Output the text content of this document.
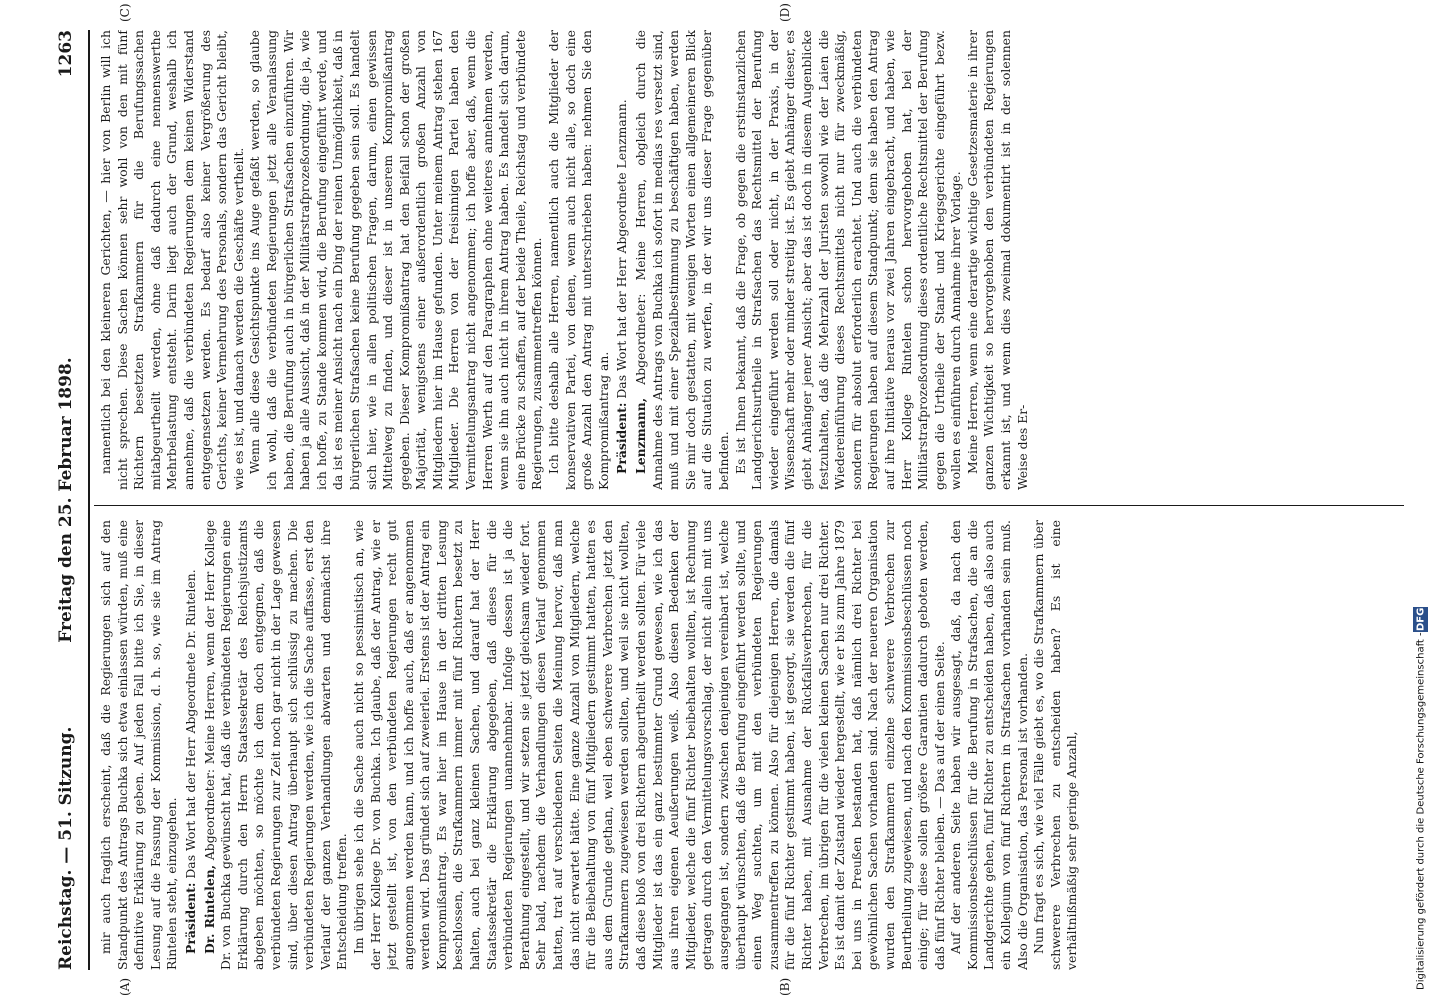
Reichstag. — 51. Sitzung.
Freitag den 25. Februar 1898.
1263

mir auch fraglich erscheint, daß die Regierungen sich auf den Standpunkt des Antrags Buchka sich etwa einlassen würden, muß eine definitive Erklärung zu geben. Auf jeden Fall bitte ich Sie, in dieser Lesung auf die Fassung der Kommission, d. h. so, wie sie im Antrag Rintelen steht, einzugehen. Präsident: Das Wort hat der Herr Abgeordnete Dr. Rintelen.

Dr. Rintelen, Abgeordneter: Meine Herren, wenn der Herr Kollege Dr. von Buchka gewünscht hat, daß die verbündeten Regierungen eine Erklärung durch den Herrn Staatssekretär des Reichsjustizamts abgeben möchten, so möchte ich dem doch entgegnen, daß die verbündeten Regierungen zur Zeit noch gar nicht in der Lage gewesen sind, über diesen Antrag überhaupt sich schlüssig zu machen. Die verbündeten Regierungen werden, wie ich die Sache auffasse, erst den Verlauf der ganzen Verhandlungen abwarten und demnächst ihre Entscheidung treffen. Im übrigen sehe ich die Sache auch nicht so pessimistisch an, wie der Herr Kollege Dr. von Buchka. Ich glaube, daß der Antrag, wie er jetzt gestellt ist, von den verbündeten Regierungen recht gut angenommen werden kann, und ich hoffe auch, daß er angenommen werden wird. Das gründet sich auf zweierlei. Erstens ist der Antrag ein Kompromißantrag. Es war hier im Hause in der dritten Lesung beschlossen, die Strafkammern immer mit fünf Richtern besetzt zu halten, auch bei ganz kleinen Sachen, und darauf hat der Herr Staatssekretär die Erklärung abgegeben, daß dieses für die verbündeten Regierungen unannehmbar. Infolge dessen ist ja die Berathung eingestellt, und wir setzen sie jetzt gleichsam wieder fort. Sehr bald, nachdem die Verhandlungen diesen Verlauf genommen hatten, trat auf verschiedenen Seiten die Meinung hervor, daß man das nicht erwartet hätte. Eine ganze Anzahl von Mitgliedern, welche für die Beibehaltung von fünf Mitgliedern gestimmt hatten, hatten es aus dem Grunde gethan, weil eben schwerere Verbrechen jetzt den Strafkammern zugewiesen werden sollten, und weil sie nicht wollten, daß diese bloß von drei Richtern abgeurtheilt werden sollten. Für viele Mitglieder ist das ein ganz bestimmter Grund gewesen, wie ich das aus ihren eigenen Aeußerungen weiß. Also diesen Bedenken der Mitglieder, welche die fünf Richter beibehalten wollten, ist Rechnung getragen durch den Vermittelungsvorschlag, der nicht allein mit uns ausgegangen ist, sondern zwischen denjenigen vereinbart ist, welche überhaupt wünschten, daß die Berufung eingeführt werden sollte, und einen Weg suchten, um mit den verbündeten Regierungen zusammentreffen zu können. Also für diejenigen Herren, die damals für die fünf Richter gestimmt haben, ist gesorgt, sie werden die fünf Richter haben, mit Ausnahme der Rückfallsverbrechen, für die Verbrechen, im übrigen für die vielen kleinen Sachen nur drei Richter. Es ist damit der Zustand wieder hergestellt, wie er bis zum Jahre 1879 bei uns in Preußen bestanden hat, daß nämlich drei Richter bei gewöhnlichen Sachen vorhanden sind. Nach der neueren Organisation wurden den Strafkammern einzelne schwerere Verbrechen zur Beurtheilung zugewiesen, und nach den Kommissionsbeschlüssen noch einige; für diese sollen größere Garantien dadurch geboten werden, daß fünf Richter bleiben. — Das auf der einen Seite. Auf der anderen Seite haben wir ausgesagt, daß, da nach den Kommissionsbeschlüssen für die Berufung in Strafsachen, die an die Landgerichte gehen, fünf Richter zu entscheiden haben, daß also auch ein Kollegium von fünf Richtern in Strafsachen vorhanden sein muß. Also die Organisation, das Personal ist vorhanden. Nun fragt es sich, wie viel Fälle giebt es, wo die Strafkammern über schwerere Verbrechen zu entscheiden haben? Es ist eine verhältnißmäßig sehr geringe Anzahl,

namentlich bei den kleineren Gerichten, — hier von Berlin will ich nicht sprechen. Diese Sachen können sehr wohl von den mit fünf Richtern besetzten Strafkammern für die Berufungssachen mitabgeurtheilt werden, ohne daß dadurch eine nennenswerthe Mehrbelastung entsteht. Darin liegt auch der Grund, weshalb ich annehme, daß die verbündeten Regierungen dem keinen Widerstand entgegensetzen werden. Es bedarf also keiner Vergrößerung des Gerichts, keiner Vermehrung des Personals, sondern das Gericht bleibt, wie es ist, und danach werden die Geschäfte vertheilt. Wenn alle diese Gesichtspunkte ins Auge gefaßt werden, so glaube ich wohl, daß die verbündeten Regierungen jetzt alle Veranlassung haben, die Berufung auch in bürgerlichen Strafsachen einzuführen. Wir haben ja alle Aussicht, daß in der Militärstrafprozeßordnung, die ja, wie ich hoffe, zu Stande kommen wird, die Berufung eingeführt werde, und da ist es meiner Ansicht nach ein Ding der reinen Unmöglichkeit, daß in bürgerlichen Strafsachen keine Berufung gegeben sein soll. Es handelt sich hier, wie in allen politischen Fragen, darum, einen gewissen Mittelweg zu finden, und dieser ist in unserem Kompromißantrag gegeben. Dieser Kompromißantrag hat den Beifall schon der großen Majorität, wenigstens einer außerordentlich großen Anzahl von Mitgliedern hier im Hause gefunden. Unter meinem Antrag stehen 167 Mitglieder. Die Herren von der freisinnigen Partei haben den Vermittelungsantrag nicht angenommen; ich hoffe aber, daß, wenn die Herren Werth auf den Paragraphen ohne weiteres annehmen werden, wenn sie ihn auch nicht in ihrem Antrag haben. Es handelt sich darum, eine Brücke zu schaffen, auf der beide Theile, Reichstag und verbündete Regierungen, zusammentreffen können. Ich bitte deshalb alle Herren, namentlich auch die Mitglieder der konservativen Partei, von denen, wenn auch nicht alle, so doch eine große Anzahl den Antrag mit unterschrieben haben: nehmen Sie den Kompromißantrag an. Präsident: Das Wort hat der Herr Abgeordnete Lenzmann.

Lenzmann, Abgeordneter: Meine Herren, obgleich durch die Annahme des Antrags von Buchka ich sofort in medias res versetzt sind, muß und mit einer Spezialbestimmung zu beschäftigen haben, werden Sie mir doch gestatten, mit wenigen Worten einen allgemeineren Blick auf die Situation zu werfen, in der wir uns dieser Frage gegenüber befinden. Es ist Ihnen bekannt, daß die Frage, ob gegen die erstinstanzlichen Landgerichtsurtheile in Strafsachen das Rechtsmittel der Berufung wieder eingeführt werden soll oder nicht, in der Praxis, in der Wissenschaft mehr oder minder streitig ist. Es giebt Anhänger dieser, es giebt Anhänger jener Ansicht; aber das ist doch in diesem Augenblicke festzuhalten, daß die Mehrzahl der Juristen sowohl wie der Laien die Wiedereinführung dieses Rechtsmittels nicht nur für zweckmäßig, sondern für absolut erforderlich erachtet. Und auch die verbündeten Regierungen haben auf diesem Standpunkt; denn sie haben den Antrag auf ihre Initiative heraus vor zwei Jahren eingebracht, und haben, wie Herr Kollege Rintelen schon hervorgehoben hat, bei der Militärstrafprozeßordnung dieses ordentliche Rechtsmittel der Berufung gegen die Urtheile der Stand- und Kriegsgerichte eingeführt bezw. wollen es einführen durch Annahme ihrer Vorlage. Meine Herren, wenn eine derartige wichtige Gesetzesmaterie in ihrer ganzen Wichtigkeit so hervorgehoben den verbündeten Regierungen erkannt ist, und wenn dies zweimal dokumentirt ist in der solennen Weise des Er-

(A)	(B)
(C)	(D)
Digitalisierung gefördert durch die Deutsche Forschungsgemeinschaft -
DFG
